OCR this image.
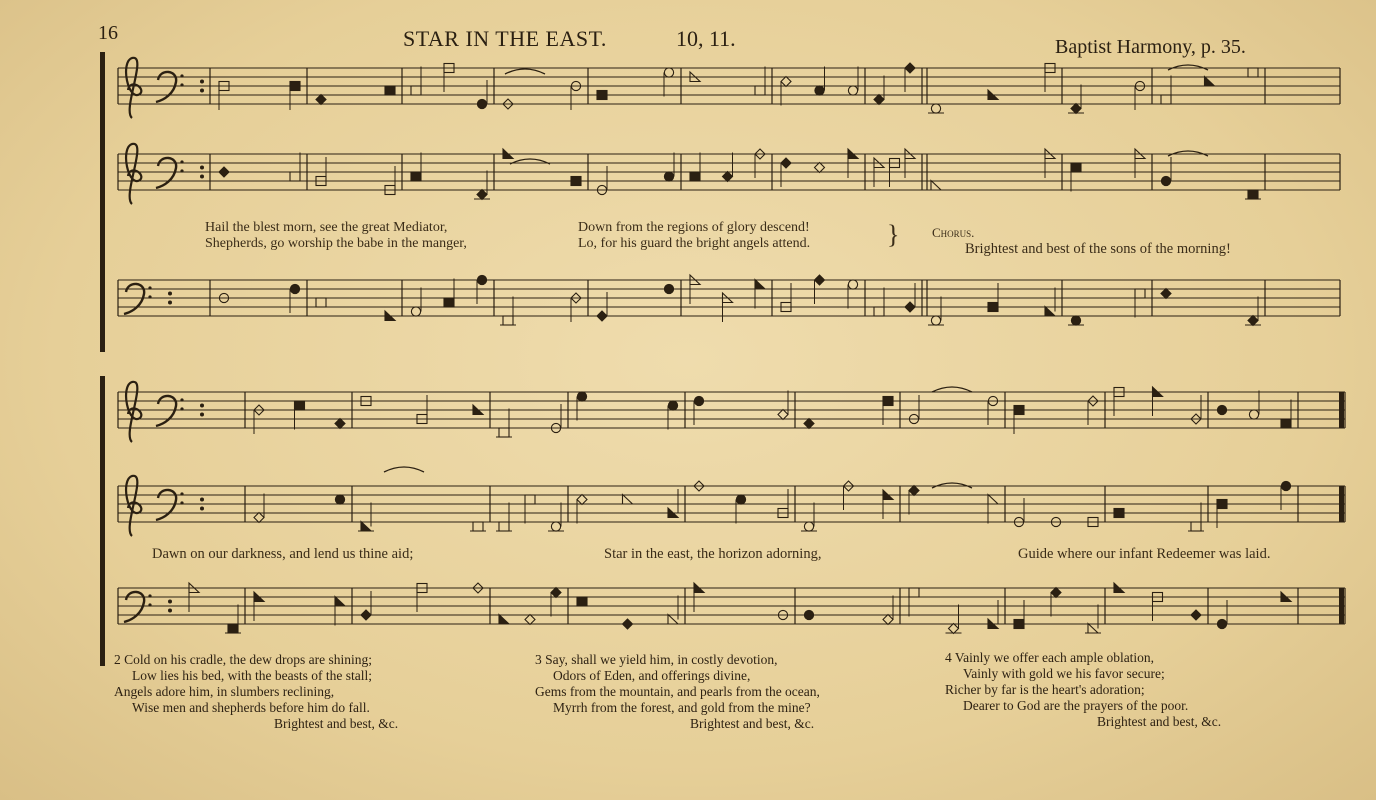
16	STAR IN THE EAST.	10, 11.	Baptist Harmony, p. 35.
Hail the blest morn, see the great Mediator,
Shepherds, go worship the babe in the manger,
Down from the regions of glory descend!
Lo, for his guard the bright angels attend.	}	Chorus.
Brightest and best of the sons of the morning!
Dawn on our darkness, and lend us thine aid;	Star in the east, the horizon adorning,	Guide where our infant Redeemer was laid.
2 Cold on his cradle, the dew drops are shining;
Low lies his bed, with the beasts of the stall;
Angels adore him, in slumbers reclining,
Wise men and shepherds before him do fall.
Brightest and best, &c.
3 Say, shall we yield him, in costly devotion,
Odors of Eden, and offerings divine,
Gems from the mountain, and pearls from the ocean,
Myrrh from the forest, and gold from the mine?
Brightest and best, &c.
4 Vainly we offer each ample oblation,
Vainly with gold we his favor secure;
Richer by far is the heart's adoration;
Dearer to God are the prayers of the poor.
Brightest and best, &c.
